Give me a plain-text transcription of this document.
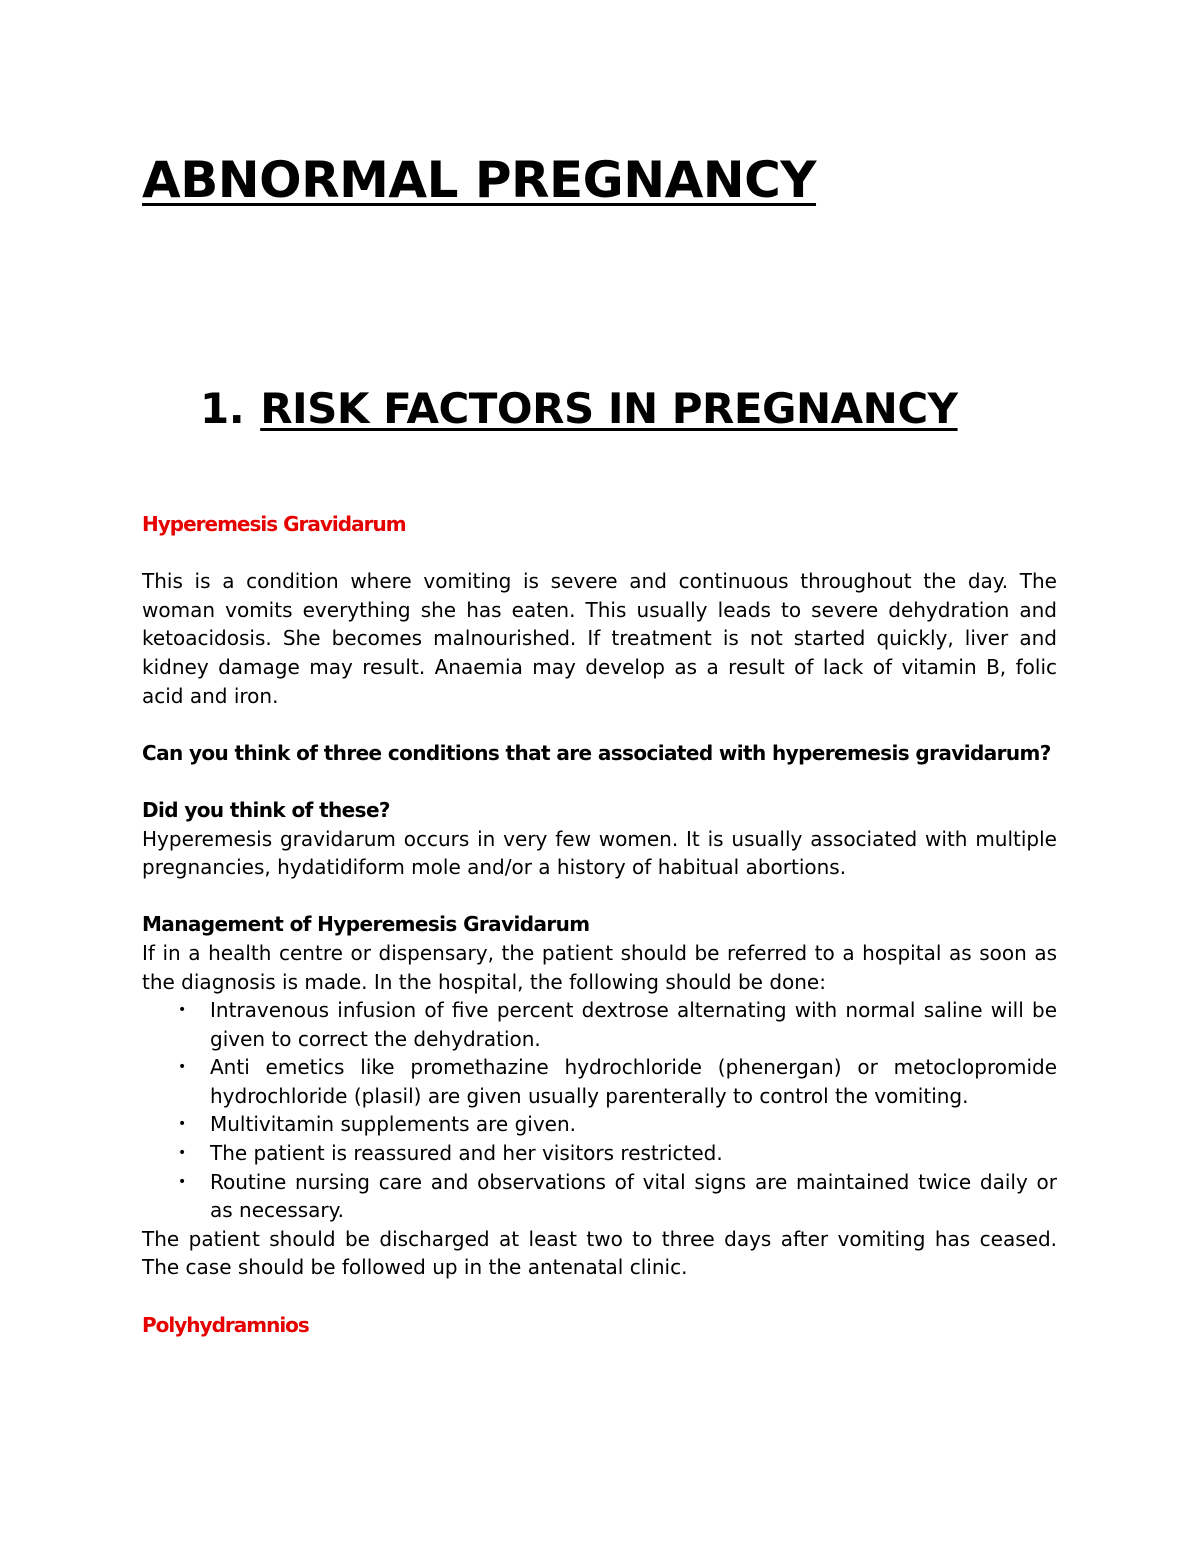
ABNORMAL PREGNANCY
1. RISK FACTORS IN PREGNANCY

Hyperemesis Gravidarum

This is a condition where vomiting is severe and continuous throughout the day. The woman vomits everything she has eaten. This usually leads to severe dehydration and ketoacidosis. She becomes malnourished. If treatment is not started quickly, liver and kidney damage may result. Anaemia may develop as a result of lack of vitamin B, folic acid and iron.

Can you think of three conditions that are associated with hyperemesis gravidarum?

Did you think of these?

Hyperemesis gravidarum occurs in very few women. It is usually associated with multiple pregnancies, hydatidiform mole and/or a history of habitual abortions.

Management of Hyperemesis Gravidarum

If in a health centre or dispensary, the patient should be referred to a hospital as soon as the diagnosis is made. In the hospital, the following should be done:

• Intravenous infusion of five percent dextrose alternating with normal saline will be given to correct the dehydration.
• Anti emetics like promethazine hydrochloride (phenergan) or metoclopromide hydrochloride (plasil) are given usually parenterally to control the vomiting.
• Multivitamin supplements are given.
• The patient is reassured and her visitors restricted.
• Routine nursing care and observations of vital signs are maintained twice daily or as necessary.

The patient should be discharged at least two to three days after vomiting has ceased. The case should be followed up in the antenatal clinic.

Polyhydramnios
